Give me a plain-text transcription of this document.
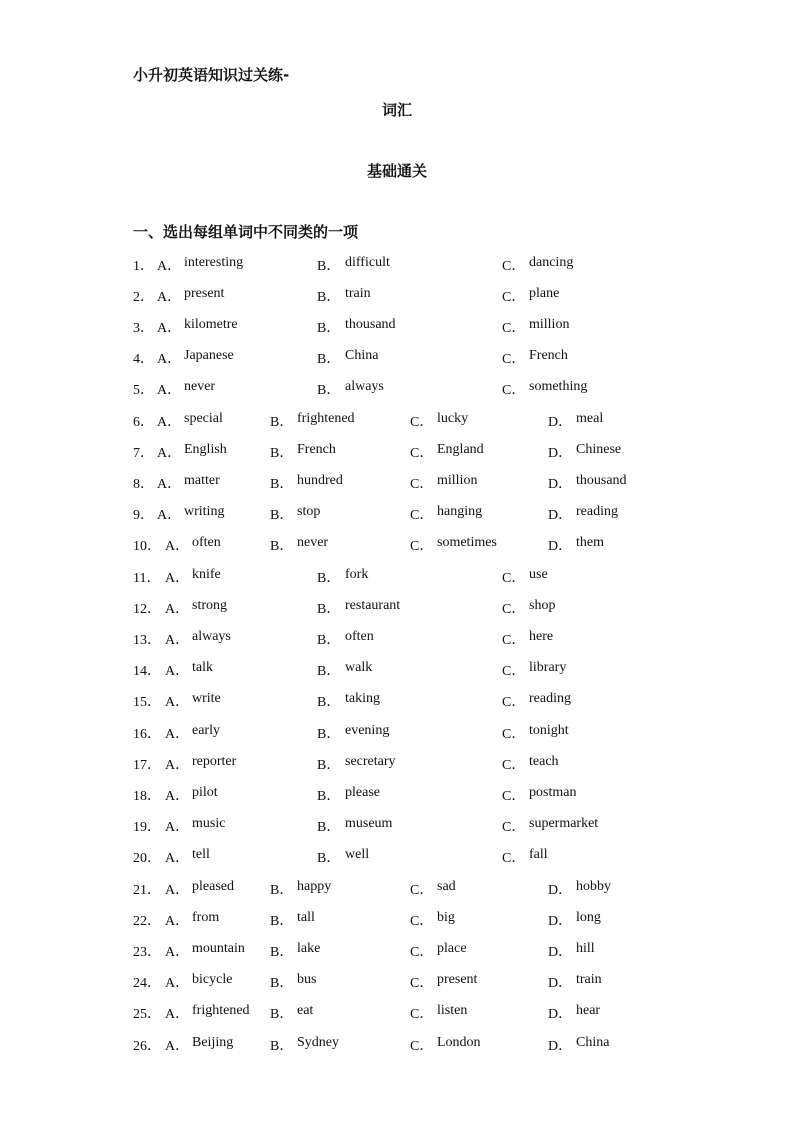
小升初英语知识过关练-
词汇
基础通关
一、选出每组单词中不同类的一项
1． A． interesting	B． difficult	C． dancing
2． A． present	B． train	C． plane
3． A． kilometre	B． thousand	C． million
4． A． Japanese	B． China	C． French
5． A． never	B． always	C． something
6． A． special	B． frightened	C． lucky	D． meal
7． A． English	B． French	C． England	D． Chinese
8． A． matter	B． hundred	C． million	D． thousand
9． A． writing	B． stop	C． hanging	D． reading
10． A． often	B． never	C． sometimes	D． them
11． A． knife	B． fork	C． use
12． A． strong	B． restaurant	C． shop
13． A． always	B． often	C． here
14． A． talk	B． walk	C． library
15． A． write	B． taking	C． reading
16． A． early	B． evening	C． tonight
17． A． reporter	B． secretary	C． teach
18． A． pilot	B． please	C． postman
19． A． music	B． museum	C． supermarket
20． A． tell	B． well	C． fall
21． A． pleased	B． happy	C． sad	D． hobby
22． A． from	B． tall	C． big	D． long
23． A． mountain B． lake	C． place	D． hill
24． A． bicycle	B． bus	C． present	D． train
25． A． frightened B． eat	C． listen	D． hear
26． A． Beijing	B． Sydney	C． London	D． China
